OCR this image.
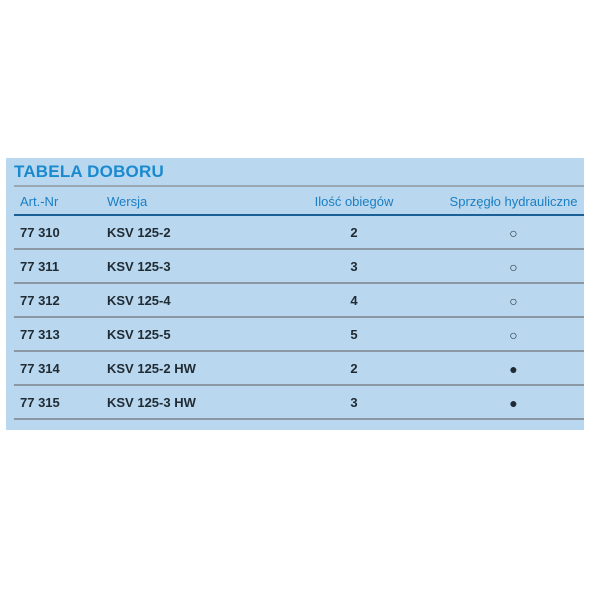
TABELA DOBORU
Art.-Nr	Wersja	Ilość obiegów	Sprzęgło hydrauliczne
77 310	KSV 125-2	2	○
77 311	KSV 125-3	3	○
77 312	KSV 125-4	4	○
77 313	KSV 125-5	5	○
77 314	KSV 125-2 HW	2	●
77 315	KSV 125-3 HW	3	●
